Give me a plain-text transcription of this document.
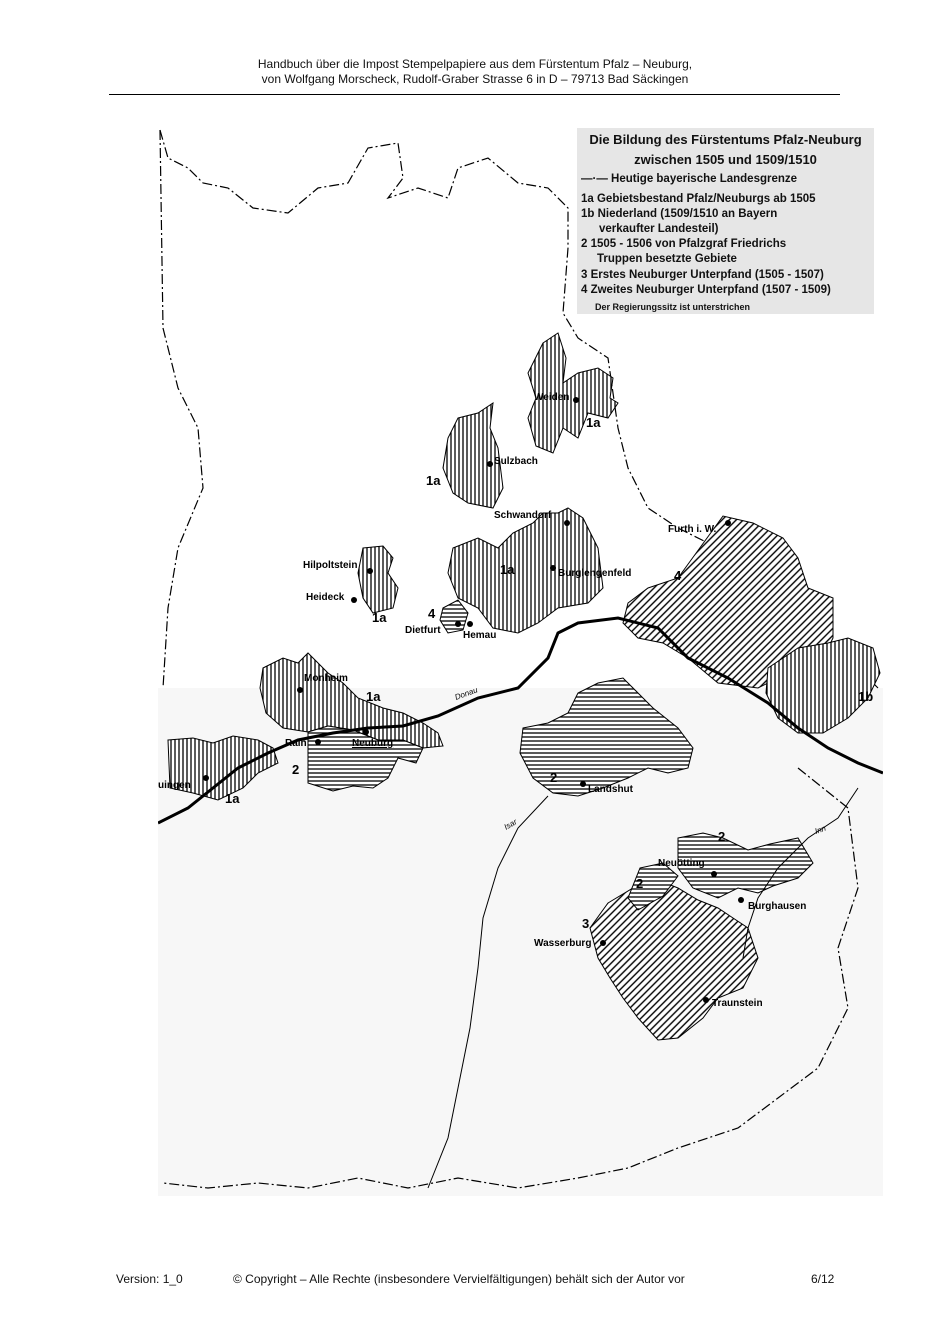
Handbuch über die Impost Stempelpapiere aus dem Fürstentum Pfalz – Neuburg,
von Wolfgang Morscheck, Rudolf-Graber Strasse 6 in D – 79713 Bad Säckingen
Weiden
Sulzbach
Schwandorf
Burglengenfeld
Furth i. W.
Hilpoltstein
Heideck
Dietfurt Hemau
Monheim
Rain	Neuburg
uingen	Landshut
Neuötting
Burghausen
Wasserburg
Traunstein
Donau
Isar	Inn
1a
1a
1a
1a
1a
1a
1b
2
2
2
2
3
4
4
Die Bildung des Fürstentums Pfalz-Neuburg
zwischen 1505 und 1509/1510
—·— Heutige bayerische Landesgrenze
1a Gebietsbestand Pfalz/Neuburgs ab 1505
1b Niederland (1509/1510 an Bayern
verkaufter Landesteil)
2 1505 - 1506 von Pfalzgraf Friedrichs
Truppen besetzte Gebiete
3 Erstes Neuburger Unterpfand (1505 - 1507)
4 Zweites Neuburger Unterpfand (1507 - 1509)
Der Regierungssitz ist unterstrichen
Version: 1_0	© Copyright – Alle Rechte (insbesondere Vervielfältigungen) behält sich der Autor vor	6/12
